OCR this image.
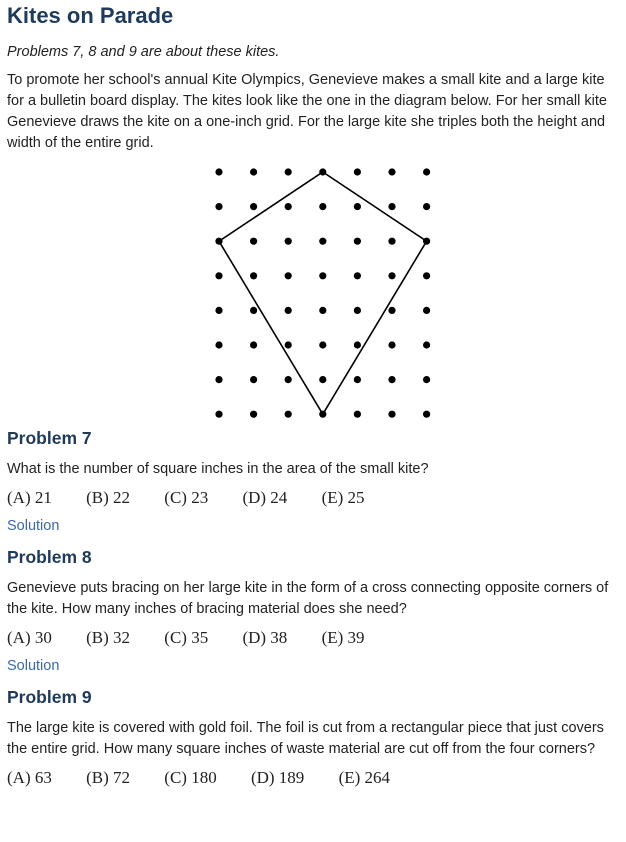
Kites on Parade

Problems 7, 8 and 9 are about these kites.

To promote her school's annual Kite Olympics, Genevieve makes a small kite and a large kite for a bulletin board display. The kites look like the one in the diagram below. For her small kite Genevieve draws the kite on a one-inch grid. For the large kite she triples both the height and width of the entire grid.

Problem 7

What is the number of square inches in the area of the small kite?

(A) 21 (B) 22 (C) 23 (D) 24 (E) 25
Solution
Problem 8

Genevieve puts bracing on her large kite in the form of a cross connecting opposite corners of the kite. How many inches of bracing material does she need?

(A) 30 (B) 32 (C) 35 (D) 38 (E) 39
Solution
Problem 9

The large kite is covered with gold foil. The foil is cut from a rectangular piece that just covers the entire grid. How many square inches of waste material are cut off from the four corners?

(A) 63 (B) 72 (C) 180 (D) 189 (E) 264
